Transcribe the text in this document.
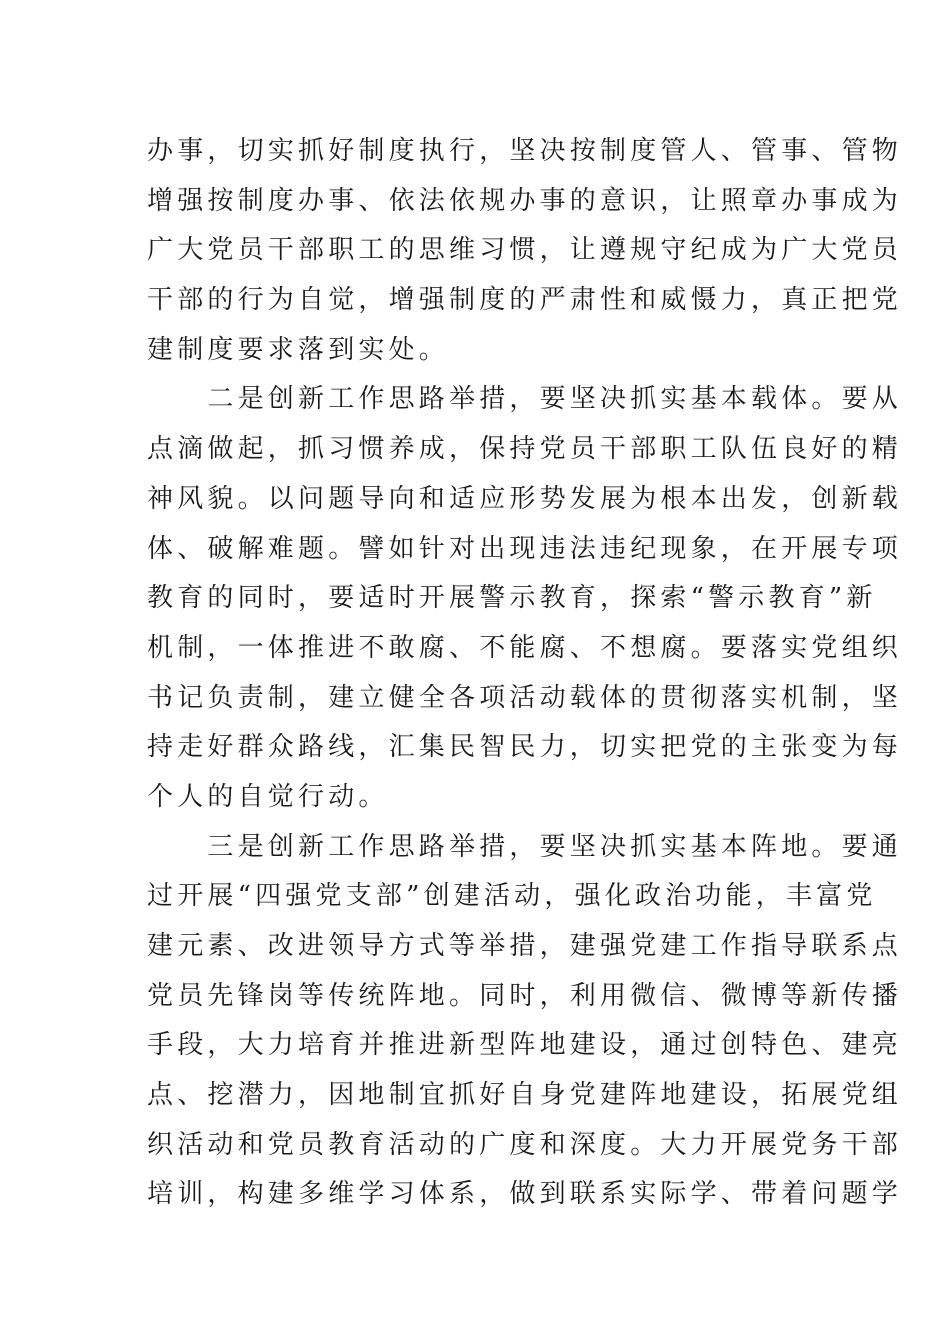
办事，切实抓好制度执行，坚决按制度管人、管事、管物
增强按制度办事、依法依规办事的意识，让照章办事成为
广大党员干部职工的思维习惯，让遵规守纪成为广大党员
干部的行为自觉，增强制度的严肃性和威慑力，真正把党
建制度要求落到实处。
　　二是创新工作思路举措，要坚决抓实基本载体。要从
点滴做起，抓习惯养成，保持党员干部职工队伍良好的精
神风貌。以问题导向和适应形势发展为根本出发，创新载
体、破解难题。譬如针对出现违法违纪现象，在开展专项
教育的同时，要适时开展警示教育，探索“警示教育”新
机制，一体推进不敢腐、不能腐、不想腐。要落实党组织
书记负责制，建立健全各项活动载体的贯彻落实机制，坚
持走好群众路线，汇集民智民力，切实把党的主张变为每
个人的自觉行动。
　　三是创新工作思路举措，要坚决抓实基本阵地。要通
过开展“四强党支部”创建活动，强化政治功能，丰富党
建元素、改进领导方式等举措，建强党建工作指导联系点
党员先锋岗等传统阵地。同时，利用微信、微博等新传播
手段，大力培育并推进新型阵地建设，通过创特色、建亮
点、挖潜力，因地制宜抓好自身党建阵地建设，拓展党组
织活动和党员教育活动的广度和深度。大力开展党务干部
培训，构建多维学习体系，做到联系实际学、带着问题学
